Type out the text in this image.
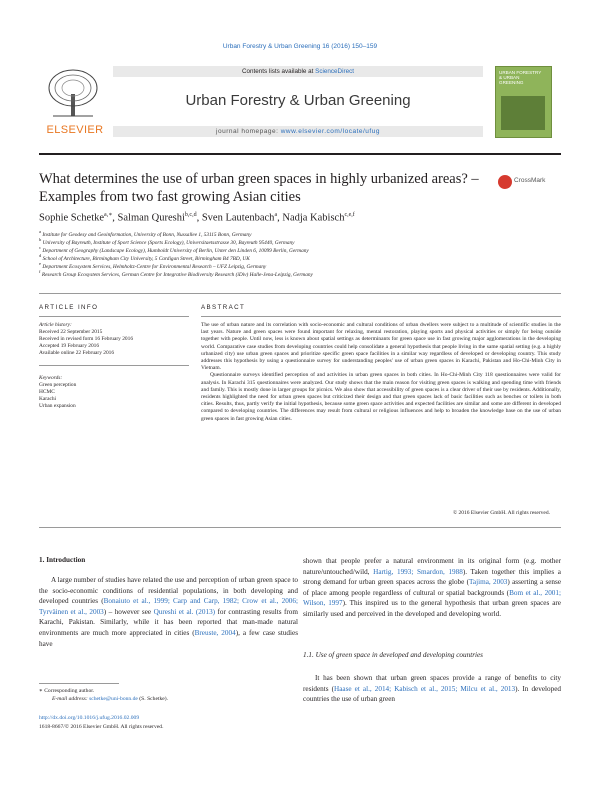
Urban Forestry & Urban Greening 16 (2016) 150–159
ELSEVIER
Contents lists available at ScienceDirect
Urban Forestry & Urban Greening
journal homepage: www.elsevier.com/locate/ufug
URBAN FORESTRY & URBAN GREENING
What determines the use of urban green spaces in highly urbanized areas? – Examples from two fast growing Asian cities
CrossMark
Sophie Schetke$^{a,∗}$, Salman Qureshi$^{b,c,d}$, Sven Lautenbach$^a$, Nadja Kabisch$^{c,e,f}$
$^a$ Institute for Geodesy and Geoinformation, University of Bonn, Nussallee 1, 53115 Bonn, Germany
$^b$ University of Bayreuth, Institute of Sport Science (Sports Ecology), Universitaetsstrasse 30, Bayreuth 95440, Germany
$^c$ Department of Geography (Landscape Ecology), Humboldt University of Berlin, Unter den Linden 6, 10099 Berlin, Germany
$^d$ School of Architecture, Birmingham City University, 5 Cardigan Street, Birmingham B4 7BD, UK
$^e$ Department Ecosystem Services, Helmholtz-Centre for Environmental Research – UFZ Leipzig, Germany
$^f$ Research Group Ecosystem Services, German Centre for Integrative Biodiversity Research (iDiv) Halle-Jena-Leipzig, Germany
ARTICLE INFO
Article history:
Received 22 September 2015
Received in revised form 16 February 2016
Accepted 19 February 2016
Available online 22 February 2016
Keywords:
Green perception
HCMC
Karachi
Urban expansion
ABSTRACT

The use of urban nature and its correlation with socio-economic and cultural conditions of urban dwellers were subject to a multitude of scientific studies in the last years. Nature and green spaces were found important for relaxing, mental restoration, playing sports and physical activities or simply for being outside together with people. Until now, less is known about spatial settings as determinants for green space use in fast growing major agglomerations in the developing world. Comparative case studies from developing countries could help consolidate a general hypothesis that people living in the same spatial setting (e.g. a highly urbanized city) use urban green spaces and prioritize specific green space facilities in a similar way regardless of developed or developing country. This study addresses this hypothesis by using a questionnaire survey for understanding peoples' use of urban green spaces in Karachi, Pakistan and Ho-Chi-Minh City in Vietnam.

Questionnaire surveys identified perception of and activities in urban green spaces in both cities. In Ho-Chi-Minh City 118 questionnaires were valid for analysis. In Karachi 315 questionnaires were analyzed. Our study shows that the main reason for visiting green spaces is walking and spending time with friends and family. This is mostly done in larger groups for picnics. We also show that accessibility of green spaces is a clear driver of their use by residents. Additionally, residents highlighted the need for urban green spaces but criticized their design and that green spaces lack of basic facilities such as benches or toilets in both cities. Results, thus, partly verify the initial hypothesis, because some green space activities and expected facilities are similar and some are different in developed compared to developing countries. The differences may result from cultural or religious influences and help to broaden the knowledge base on the use of urban green spaces in fast growing Asian cities.

© 2016 Elsevier GmbH. All rights reserved.
1. Introduction

A large number of studies have related the use and perception of urban green space to the socio-economic conditions of residential populations, in both developing and developed countries (Bonaiuto et al., 1999; Carp and Carp, 1982; Crow et al., 2006; Tyrväinen et al., 2003) – however see Qureshi et al. (2013) for contrasting results from Karachi, Pakistan. Similarly, while it has been reported that man-made natural environments are much more appreciated in cities (Breuste, 2004), a few case studies have

shown that people prefer a natural environment in its original form (e.g. mother nature/untouched/wild, Hartig, 1993; Smardon, 1988). Taken together this implies a strong demand for urban green spaces across the globe (Tajima, 2003) asserting a sense of place among people regardless of cultural or spatial backgrounds (Bom et al., 2001; Wilson, 1997). This inspired us to the general hypothesis that urban green spaces are similarly used and perceived in the developed and developing world.

1.1. Use of green space in developed and developing countries

It has been shown that urban green spaces provide a range of benefits to city residents (Haase et al., 2014; Kabisch et al., 2015; Milcu et al., 2013). In developed countries the use of urban green

∗ Corresponding author.
E-mail address: schetke@uni-bonn.de (S. Schetke).
http://dx.doi.org/10.1016/j.ufug.2016.02.009
1618-8667/© 2016 Elsevier GmbH. All rights reserved.
